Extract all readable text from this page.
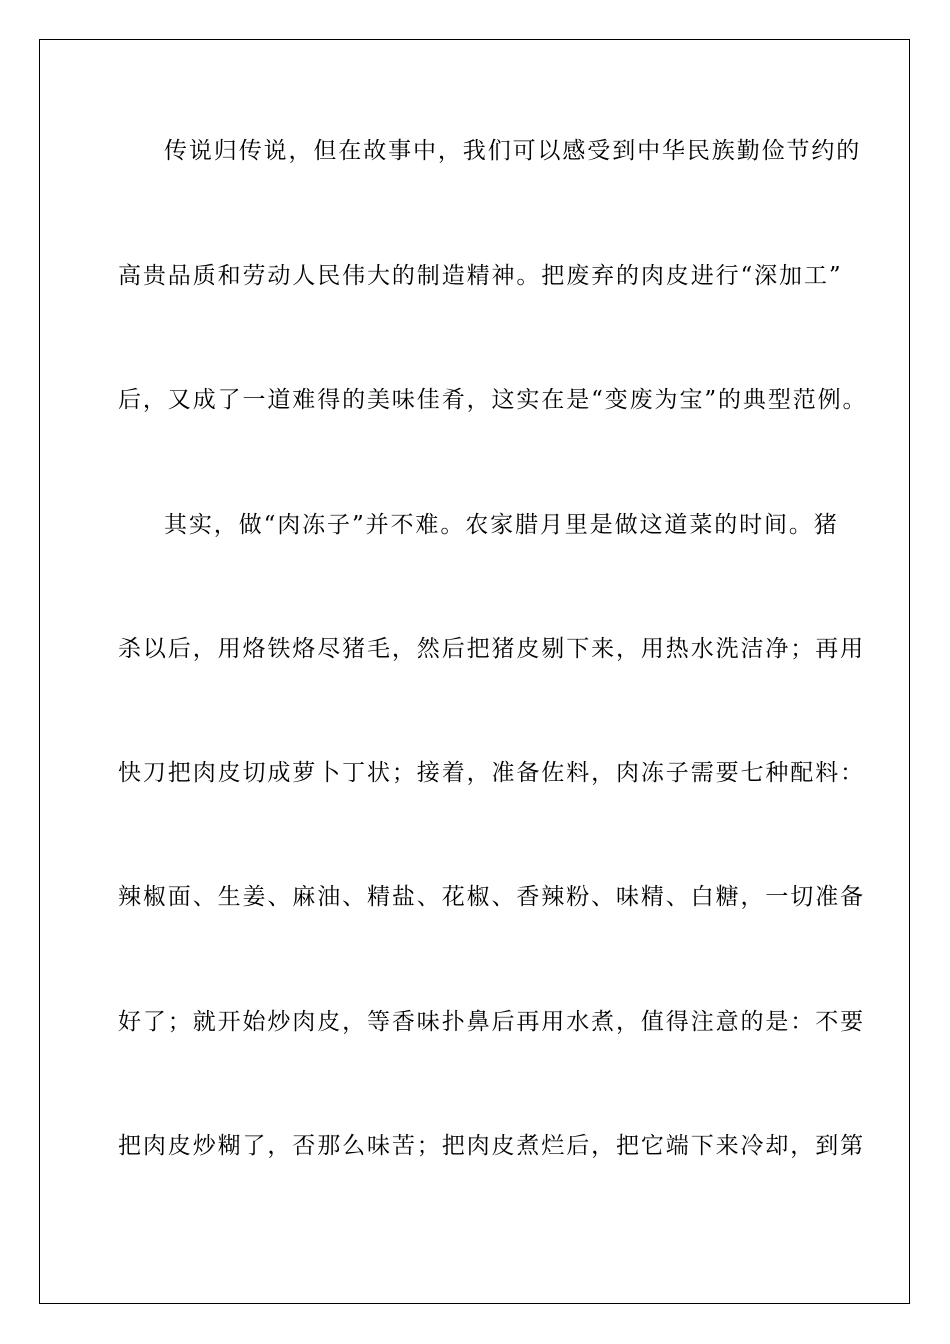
传说归传说，但在故事中，我们可以感受到中华民族勤俭节约的
高贵品质和劳动人民伟大的制造精神。把废弃的肉皮进行“深加工”
后，又成了一道难得的美味佳肴，这实在是“变废为宝”的典型范例。
其实，做“肉冻子”并不难。农家腊月里是做这道菜的时间。猪
杀以后，用烙铁烙尽猪毛，然后把猪皮剔下来，用热水洗洁净；再用
快刀把肉皮切成萝卜丁状；接着，准备佐料，肉冻子需要七种配料：
辣椒面、生姜、麻油、精盐、花椒、香辣粉、味精、白糖，一切准备
好了；就开始炒肉皮，等香味扑鼻后再用水煮，值得注意的是：不要
把肉皮炒糊了，否那么味苦；把肉皮煮烂后，把它端下来冷却，到第
